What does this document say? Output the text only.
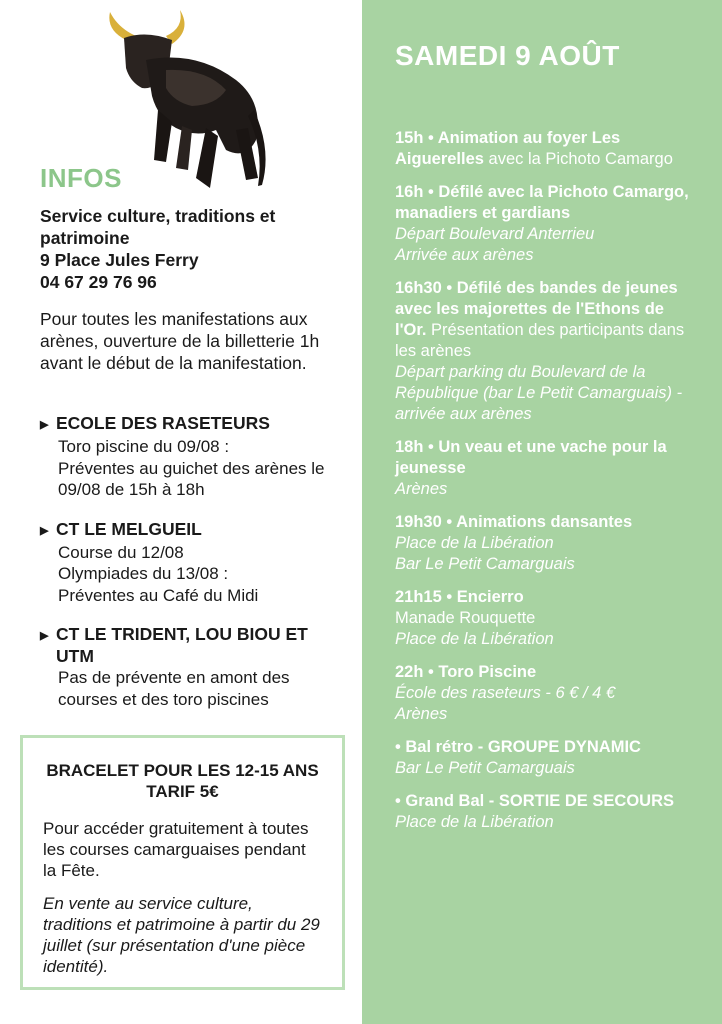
INFOS
Service culture, traditions et patrimoine
9 Place Jules Ferry
04 67 29 76 96
Pour toutes les manifestations aux arènes, ouverture de la billetterie 1h avant le début de la manifestation.
▶ ECOLE DES RASETEURS
Toro piscine du 09/08 :
Préventes au guichet des arènes le 09/08 de 15h à 18h
▶ CT LE MELGUEIL
Course du 12/08
Olympiades du 13/08 :
Préventes au Café du Midi
▶ CT LE TRIDENT, LOU BIOU ET UTM
Pas de prévente en amont des courses et des toro piscines
BRACELET POUR LES 12-15 ANS
TARIF 5€
Pour accéder gratuitement à toutes les courses camarguaises pendant la Fête.
En vente au service culture, traditions et patrimoine à partir du 29 juillet (sur présentation d'une pièce identité).
SAMEDI 9 AOÛT
15h • Animation au foyer Les Aiguerelles avec la Pichoto Camargo
16h • Défilé avec la Pichoto Camargo, manadiers et gardians
Départ Boulevard Anterrieu
Arrivée aux arènes
16h30 • Défilé des bandes de jeunes avec les majorettes de l'Ethons de l'Or. Présentation des participants dans les arènes
Départ parking du Boulevard de la République (bar Le Petit Camarguais) - arrivée aux arènes
18h • Un veau et une vache pour la jeunesse
Arènes
19h30 • Animations dansantes
Place de la Libération
Bar Le Petit Camarguais
21h15 • Encierro
Manade Rouquette
Place de la Libération
22h • Toro Piscine
École des raseteurs - 6 € / 4 €
Arènes
• Bal rétro - GROUPE DYNAMIC
Bar Le Petit Camarguais
• Grand Bal - SORTIE DE SECOURS
Place de la Libération
